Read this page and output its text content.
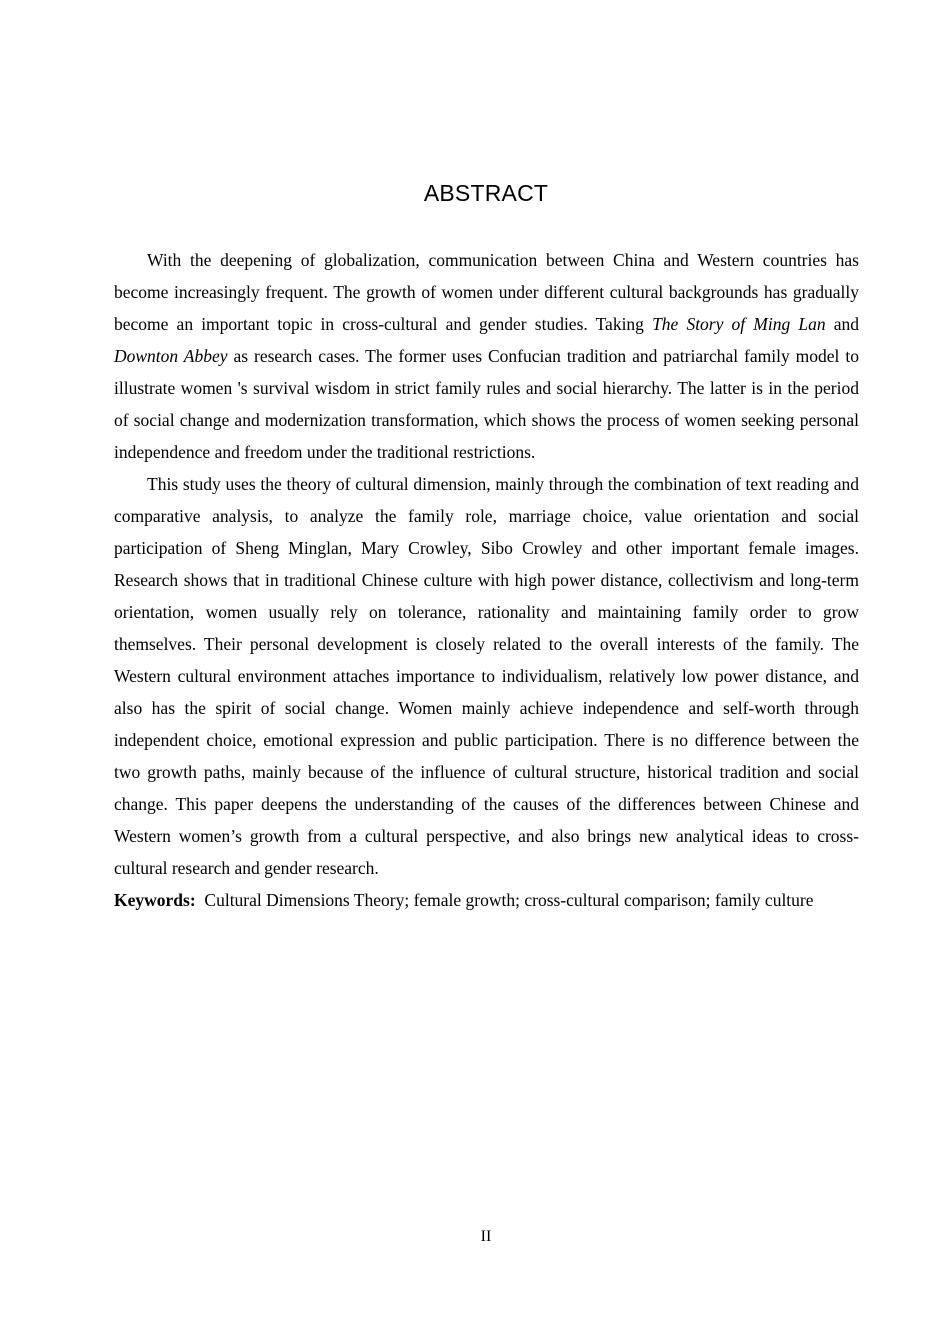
ABSTRACT

With the deepening of globalization, communication between China and Western countries has become increasingly frequent. The growth of women under different cultural backgrounds has gradually become an important topic in cross-cultural and gender studies. Taking The Story of Ming Lan and Downton Abbey as research cases. The former uses Confucian tradition and patriarchal family model to illustrate women 's survival wisdom in strict family rules and social hierarchy. The latter is in the period of social change and modernization transformation, which shows the process of women seeking personal independence and freedom under the traditional restrictions.

This study uses the theory of cultural dimension, mainly through the combination of text reading and comparative analysis, to analyze the family role, marriage choice, value orientation and social participation of Sheng Minglan, Mary Crowley, Sibo Crowley and other important female images. Research shows that in traditional Chinese culture with high power distance, collectivism and long-term orientation, women usually rely on tolerance, rationality and maintaining family order to grow themselves. Their personal development is closely related to the overall interests of the family. The Western cultural environment attaches importance to individualism, relatively low power distance, and also has the spirit of social change. Women mainly achieve independence and self-worth through independent choice, emotional expression and public participation. There is no difference between the two growth paths, mainly because of the influence of cultural structure, historical tradition and social change. This paper deepens the understanding of the causes of the differences between Chinese and Western women’s growth from a cultural perspective, and also brings new analytical ideas to cross-cultural research and gender research.

Keywords: Cultural Dimensions Theory; female growth; cross-cultural comparison; family culture

II
